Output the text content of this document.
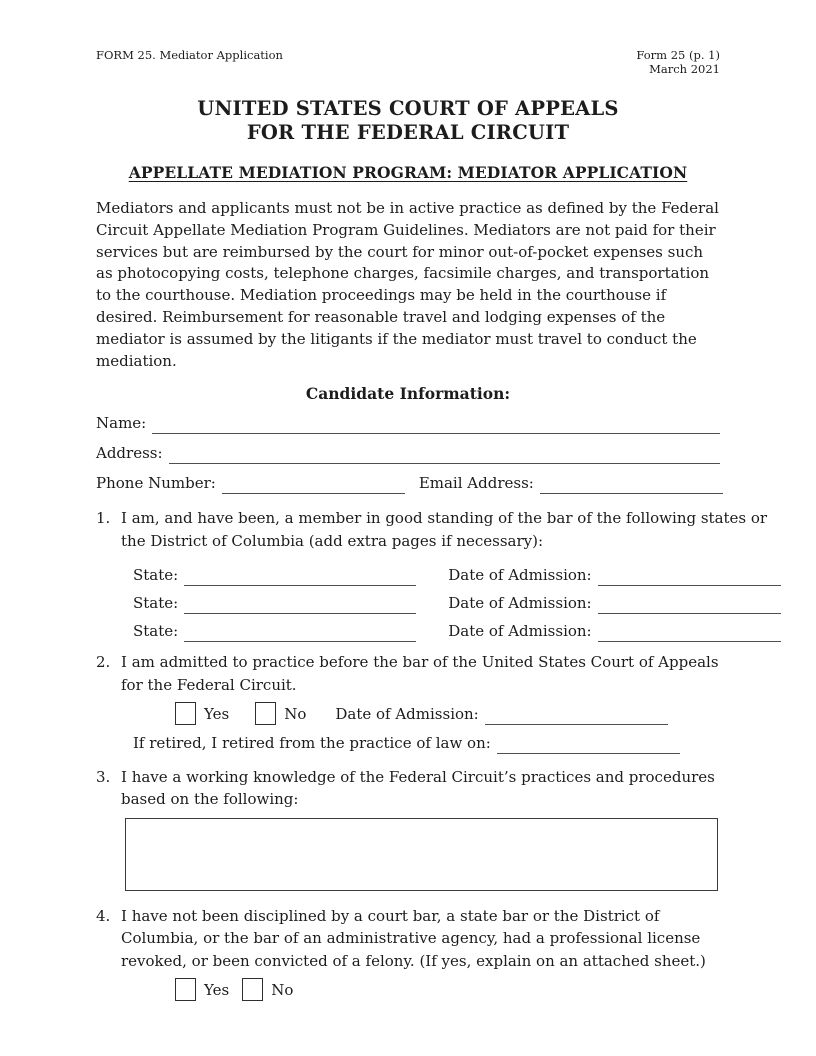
FORM 25. Mediator Application	Form 25 (p. 1)
March 2021
UNITED STATES COURT OF APPEALS
FOR THE FEDERAL CIRCUIT
APPELLATE MEDIATION PROGRAM: MEDIATOR APPLICATION

Mediators and applicants must not be in active practice as defined by the Federal Circuit Appellate Mediation Program Guidelines. Mediators are not paid for their services but are reimbursed by the court for minor out-of-pocket expenses such as photocopying costs, telephone charges, facsimile charges, and transportation to the courthouse. Mediation proceedings may be held in the courthouse if desired. Reimbursement for reasonable travel and lodging expenses of the mediator is assumed by the litigants if the mediator must travel to conduct the mediation.

Candidate Information:
Name:
Address:
Phone Number:	Email Address:
1. I am, and have been, a member in good standing of the bar of the following states or the District of Columbia (add extra pages if necessary):
State:	Date of Admission:
State:	Date of Admission:
State:	Date of Admission:
2. I am admitted to practice before the bar of the United States Court of Appeals for the Federal Circuit.
Yes	No Date of Admission:
If retired, I retired from the practice of law on:
3. I have a working knowledge of the Federal Circuit’s practices and procedures based on the following:
4. I have not been disciplined by a court bar, a state bar or the District of Columbia, or the bar of an administrative agency, had a professional license revoked, or been convicted of a felony. (If yes, explain on an attached sheet.)
Yes	No
